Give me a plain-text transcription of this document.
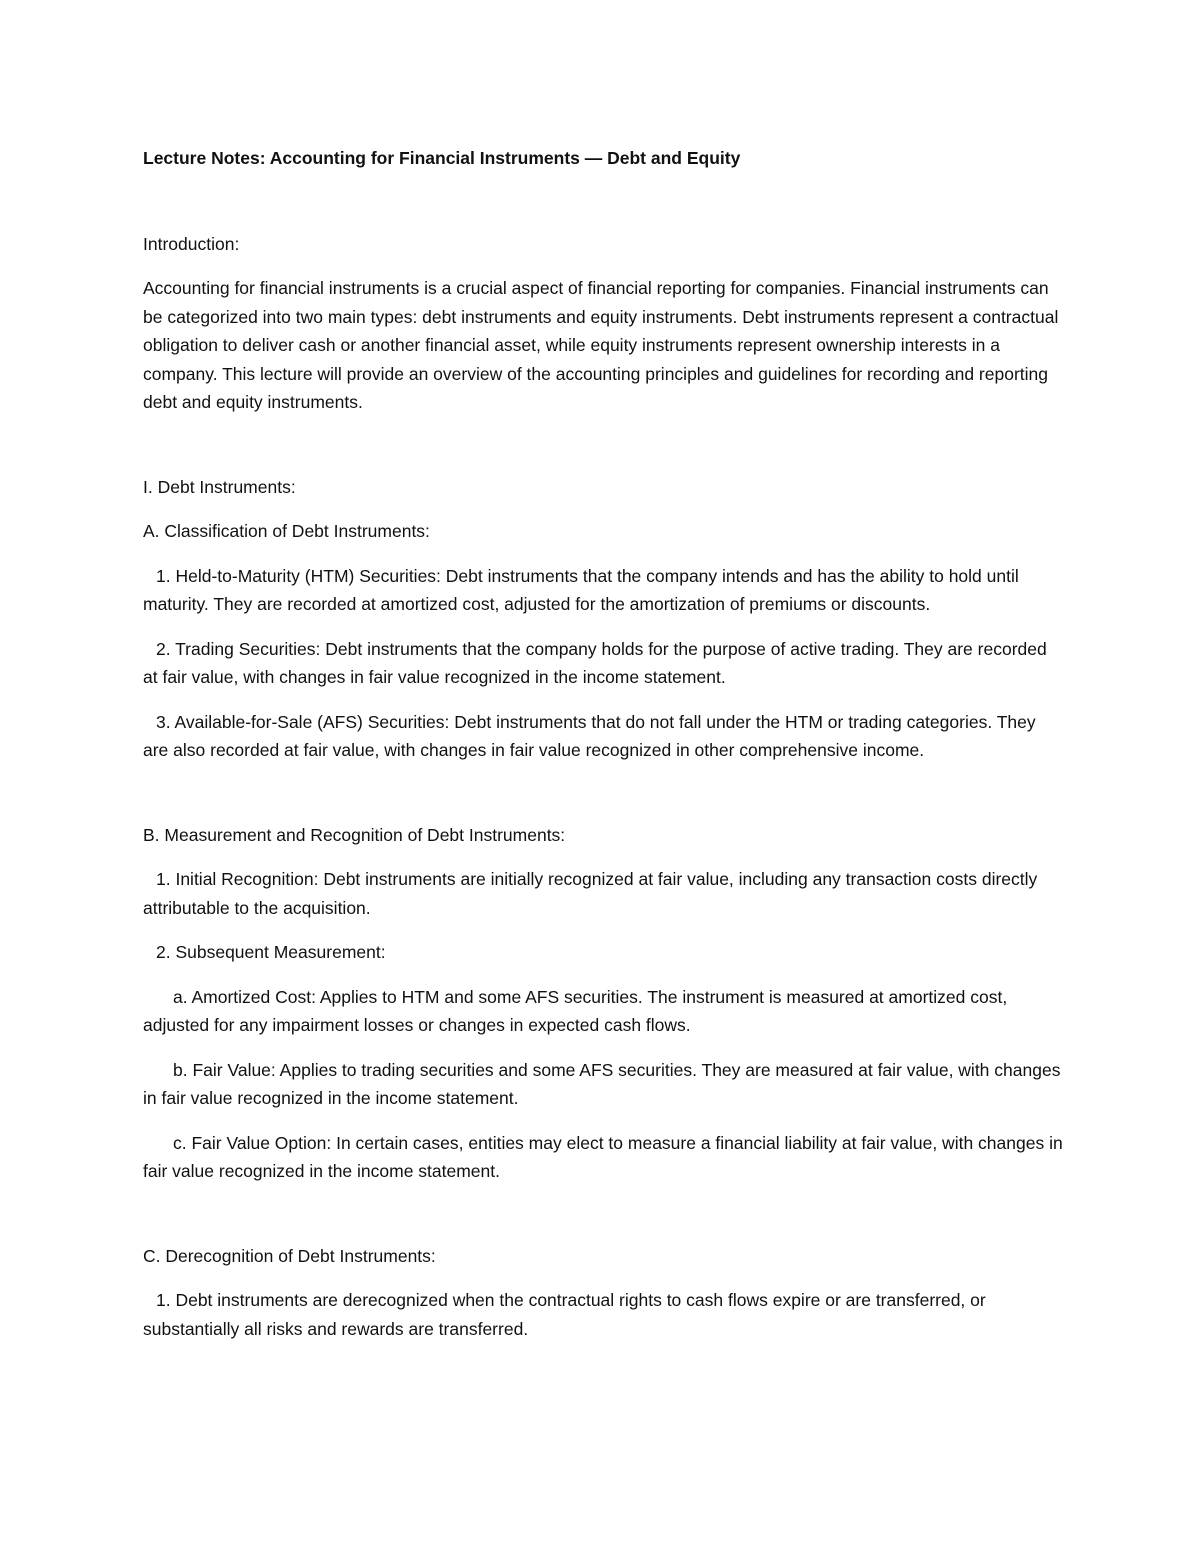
Lecture Notes: Accounting for Financial Instruments — Debt and Equity

Introduction:

Accounting for financial instruments is a crucial aspect of financial reporting for companies. Financial instruments can be categorized into two main types: debt instruments and equity instruments. Debt instruments represent a contractual obligation to deliver cash or another financial asset, while equity instruments represent ownership interests in a company. This lecture will provide an overview of the accounting principles and guidelines for recording and reporting debt and equity instruments.

I. Debt Instruments:

A. Classification of Debt Instruments:

1. Held-to-Maturity (HTM) Securities: Debt instruments that the company intends and has the ability to hold until maturity. They are recorded at amortized cost, adjusted for the amortization of premiums or discounts.

2. Trading Securities: Debt instruments that the company holds for the purpose of active trading. They are recorded at fair value, with changes in fair value recognized in the income statement.

3. Available-for-Sale (AFS) Securities: Debt instruments that do not fall under the HTM or trading categories. They are also recorded at fair value, with changes in fair value recognized in other comprehensive income.

B. Measurement and Recognition of Debt Instruments:

1. Initial Recognition: Debt instruments are initially recognized at fair value, including any transaction costs directly attributable to the acquisition.

2. Subsequent Measurement:

a. Amortized Cost: Applies to HTM and some AFS securities. The instrument is measured at amortized cost, adjusted for any impairment losses or changes in expected cash flows.

b. Fair Value: Applies to trading securities and some AFS securities. They are measured at fair value, with changes in fair value recognized in the income statement.

c. Fair Value Option: In certain cases, entities may elect to measure a financial liability at fair value, with changes in fair value recognized in the income statement.

C. Derecognition of Debt Instruments:

1. Debt instruments are derecognized when the contractual rights to cash flows expire or are transferred, or substantially all risks and rewards are transferred.
